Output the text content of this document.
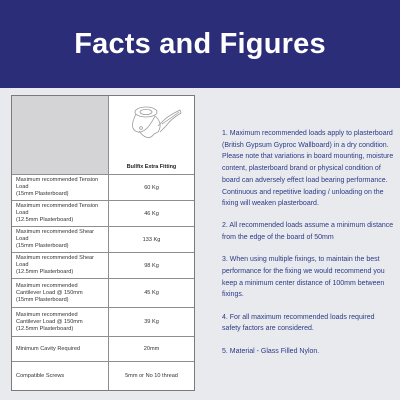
Facts and Figures
Bullfix Extra Fitting
Maximum recommended Tension Load
(15mm Plasterboard)
60 Kg
Maximum recommended Tension Load
(12.5mm Plasterboard)
46 Kg
Maximum recommended Shear Load
(15mm Plasterboard)
133 Kg
Maximum recommended Shear Load
(12.5mm Plasterboard)
98 Kg
Maximum recommended
Cantilever Load @ 150mm
(15mm Plasterboard)
45 Kg
Maximum recommended
Cantilever Load @ 150mm
(12.5mm Plasterboard)
39 Kg
Minimum Cavity Required	20mm
Compatible Screws	5mm or No 10 thread

1. Maximum recommended loads apply to plasterboard (British Gypsum Gyproc Wallboard) in a dry condition. Please note that variations in board mounting, moisture content, plasterboard brand or physical condition of board can adversely effect load bearing performance. Continuous and repetitive loading / unloading on the fixing will weaken plasterboard.

2. All recommended loads assume a minimum distance from the edge of the board of 50mm

3. When using multiple fixings, to maintain the best performance for the fixing we would recommend you keep a minimum center distance of 100mm between fixings.

4. For all maximum recommended loads required safety factors are considered.

5. Material - Glass Filled Nylon.
